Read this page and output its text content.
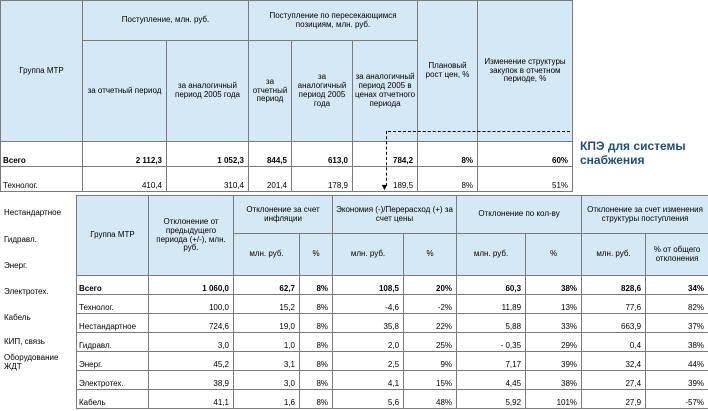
Группа МТР	Поступление, млн. руб.		Поступление по пересекающимся позициям, млн. руб.			Плановый рост цен, %	Изменение структуры закупок в отчетном периоде, %
	за отчетный период	за аналогичный период 2005 года	за отчетный период	за аналогичный период 2005 года	за аналогичный период 2005 в ценах отчетного периода		
Всего	2 112,3	1 052,3	844,5	613,0	784,2	8%	60%
Технолог.	410,4	310,4	201,4	178,9	189,5	8%	51%
Нестандартное
Гидравл.
Энерг.
Электротех.
Кабель
КИП, связь
Оборудование ЖДТ
▼
КПЭ для системы снабжения
Группа МТР	Отклонение от предыдущего периода (+/-), млн. руб.	Отклонение за счет инфляции		Экономия (-)/Перерасход (+) за счет цены		Отклонение по кол-ву		Отклонение за счет изменения структуры поступления	
		млн. руб.	%	млн. руб.	%	млн. руб.	%	млн. руб.	% от общего отклонения
Всего	1 060,0	62,7	8%	108,5	20%	60,3	38%	828,6	34%
Технолог.	100,0	15,2	8%	-4,6	-2%	11,89	13%	77,6	82%
Нестандартное	724,6	19,0	8%	35,8	22%	5,88	33%	663,9	37%
Гидравл.	3,0	1,0	8%	2,0	25%	- 0,35	29%	0,4	38%
Энерг.	45,2	3,1	8%	2,5	9%	7,17	39%	32,4	44%
Электротех.	38,9	3,0	8%	4,1	15%	4,45	38%	27,4	39%
Кабель	41,1	1,6	8%	5,6	48%	5,92	101%	27,9	-57%
